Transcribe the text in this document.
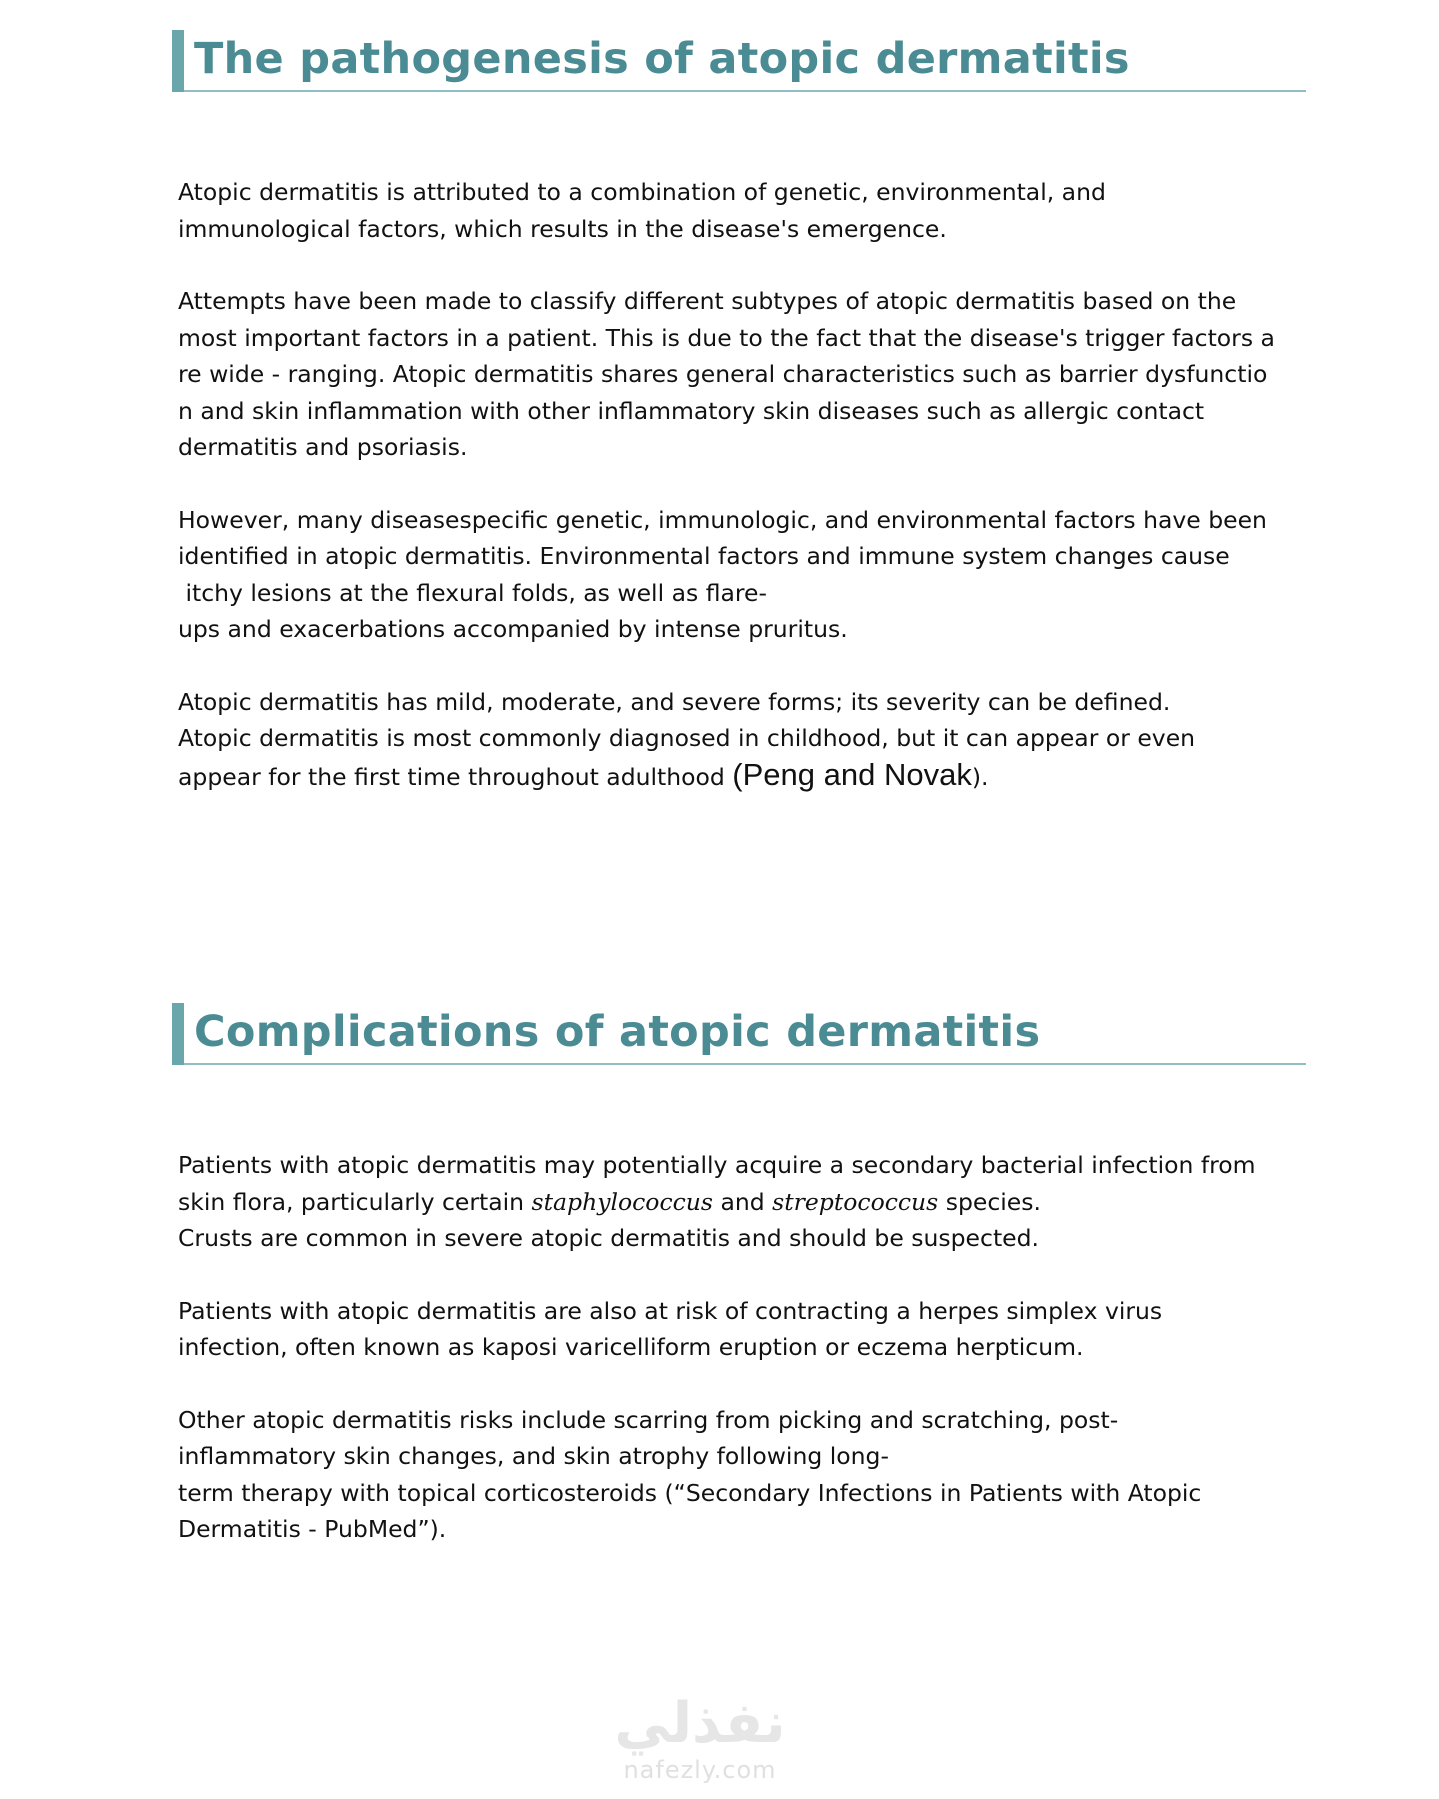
The pathogenesis of atopic dermatitis
Atopic dermatitis is attributed to a combination of genetic, environmental, and
immunological factors, which results in the disease's emergence.
Attempts have been made to classify different subtypes of atopic dermatitis based on the
most important factors in a patient. This is due to the fact that the disease's trigger factors a
re wide - ranging. Atopic dermatitis shares general characteristics such as barrier dysfunctio
n and skin inflammation with other inflammatory skin diseases such as allergic contact
dermatitis and psoriasis.
However, many diseasespecific genetic, immunologic, and environmental factors have been
identified in atopic dermatitis. Environmental factors and immune system changes cause
itchy lesions at the flexural folds, as well as flare-
ups and exacerbations accompanied by intense pruritus.
Atopic dermatitis has mild, moderate, and severe forms; its severity can be defined.
Atopic dermatitis is most commonly diagnosed in childhood, but it can appear or even
appear for the first time throughout adulthood (Peng and Novak).
Complications of atopic dermatitis
Patients with atopic dermatitis may potentially acquire a secondary bacterial infection from
skin flora, particularly certain staphylococcus and streptococcus species.
Crusts are common in severe atopic dermatitis and should be suspected.
Patients with atopic dermatitis are also at risk of contracting a herpes simplex virus
infection, often known as kaposi varicelliform eruption or eczema herpticum.
Other atopic dermatitis risks include scarring from picking and scratching, post-
inflammatory skin changes, and skin atrophy following long-
term therapy with topical corticosteroids (“Secondary Infections in Patients with Atopic
Dermatitis - PubMed”).
نفذلي
nafezly.com
